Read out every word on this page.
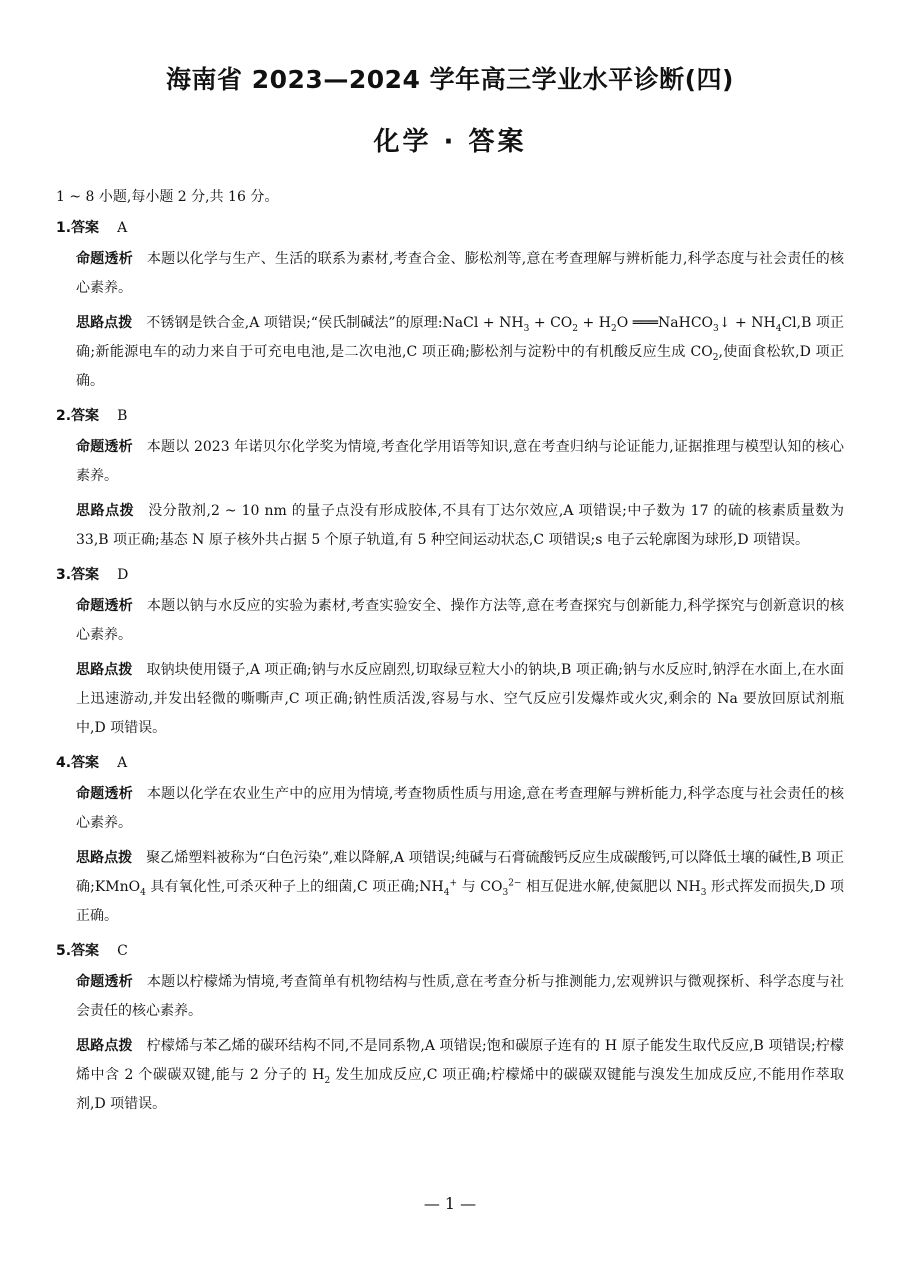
海南省 2023—2024 学年高三学业水平诊断(四)
化学 · 答案

1 ~ 8 小题,每小题 2 分,共 16 分。

1.答案 A

命题透析 本题以化学与生产、生活的联系为素材,考查合金、膨松剂等,意在考查理解与辨析能力,科学态度与社会责任的核心素养。

思路点拨 不锈钢是铁合金,A 项错误;“侯氏制碱法”的原理:NaCl + $NH_3 + CO_2 + H_2O$ ═══NaHCO$_3$↓ + $NH_4Cl,B$ 项正确;新能源电车的动力来自于可充电电池,是二次电池,C 项正确;膨松剂与淀粉中的有机酸反应生成 $CO_2$,使面食松软,D 项正确。

2.答案 B

命题透析 本题以 2023 年诺贝尔化学奖为情境,考查化学用语等知识,意在考查归纳与论证能力,证据推理与模型认知的核心素养。

思路点拨 没分散剂,2 ~ 10 nm 的量子点没有形成胶体,不具有丁达尔效应,A 项错误;中子数为 17 的硫的核素质量数为 33,B 项正确;基态 N 原子核外共占据 5 个原子轨道,有 5 种空间运动状态,C 项错误;s 电子云轮廓图为球形,D 项错误。

3.答案 D

命题透析 本题以钠与水反应的实验为素材,考查实验安全、操作方法等,意在考查探究与创新能力,科学探究与创新意识的核心素养。

思路点拨 取钠块使用镊子,A 项正确;钠与水反应剧烈,切取绿豆粒大小的钠块,B 项正确;钠与水反应时,钠浮在水面上,在水面上迅速游动,并发出轻微的嘶嘶声,C 项正确;钠性质活泼,容易与水、空气反应引发爆炸或火灾,剩余的 Na 要放回原试剂瓶中,D 项错误。

4.答案 A

命题透析 本题以化学在农业生产中的应用为情境,考查物质性质与用途,意在考查理解与辨析能力,科学态度与社会责任的核心素养。

思路点拨 聚乙烯塑料被称为“白色污染”,难以降解,A 项错误;纯碱与石膏硫酸钙反应生成碳酸钙,可以降低土壤的碱性,B 项正确;KMnO$_4$ 具有氧化性,可杀灭种子上的细菌,C 项正确$;NH_4^+$ 与 $CO_3^{2-}$ 相互促进水解,使氮肥以 $NH_3$ 形式挥发而损失,D 项正确。

5.答案 C

命题透析 本题以柠檬烯为情境,考查简单有机物结构与性质,意在考查分析与推测能力,宏观辨识与微观探析、科学态度与社会责任的核心素养。

思路点拨 柠檬烯与苯乙烯的碳环结构不同,不是同系物,A 项错误;饱和碳原子连有的 H 原子能发生取代反应,B 项错误;柠檬烯中含 2 个碳碳双键,能与 2 分子的 $H_2$ 发生加成反应,C 项正确;柠檬烯中的碳碳双键能与溴发生加成反应,不能用作萃取剂,D 项错误。

— 1 —
